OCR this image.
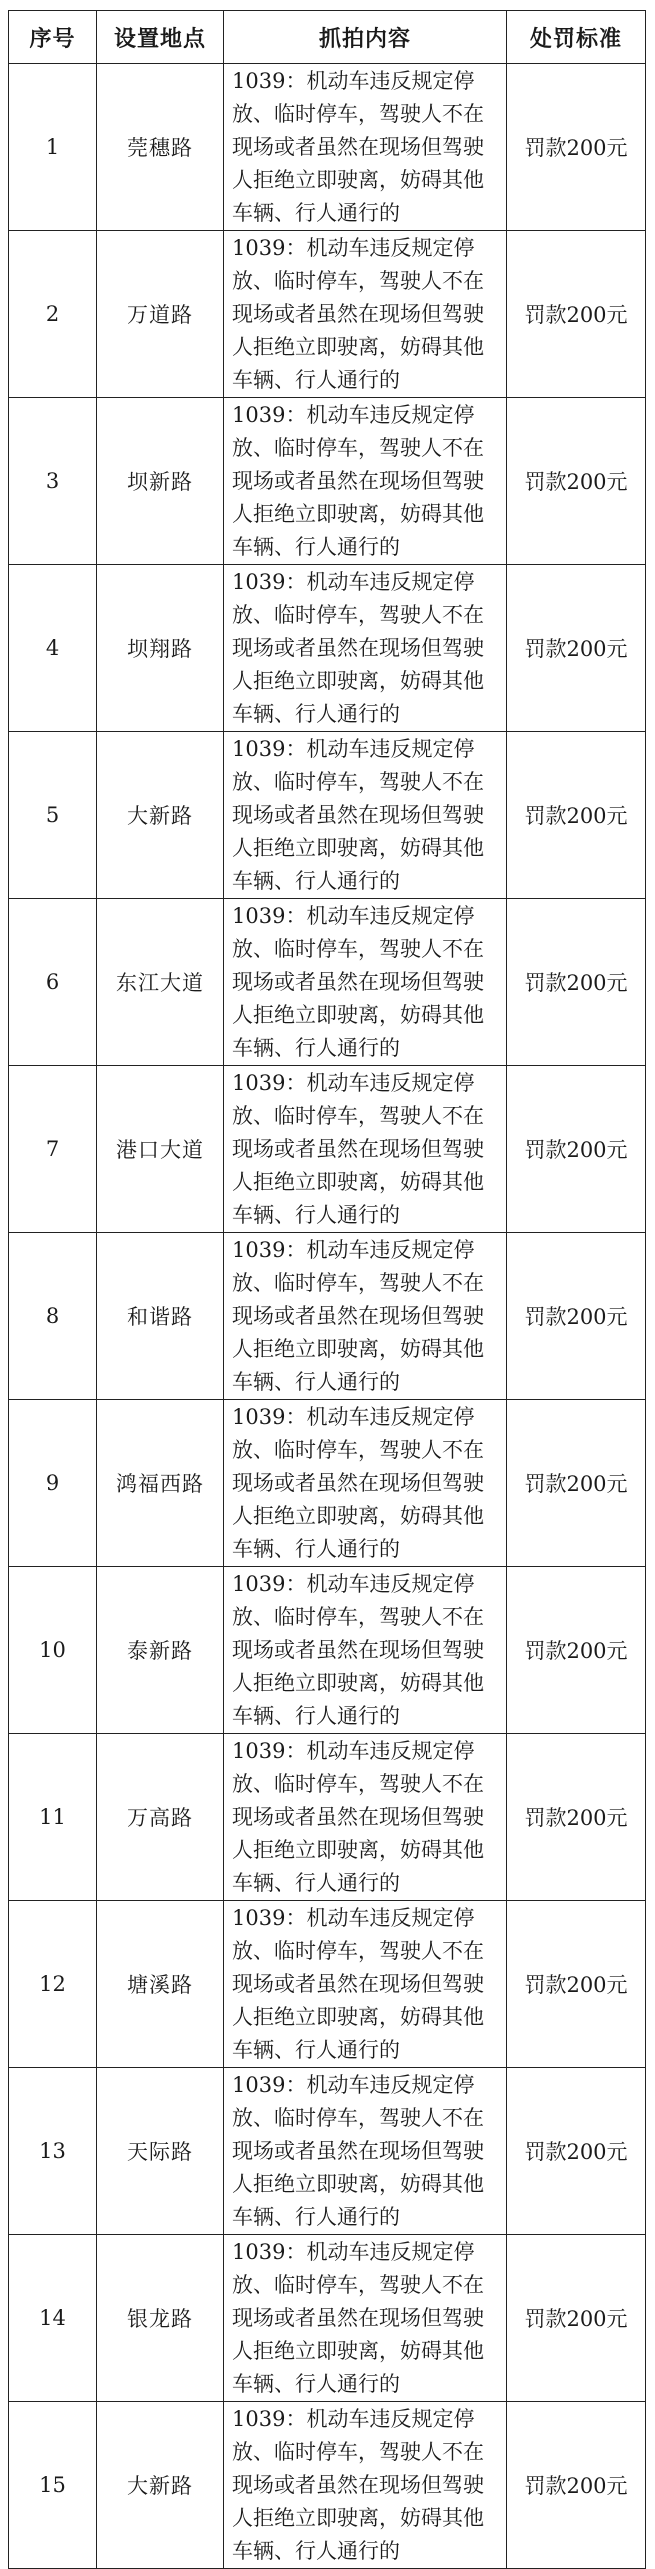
序号	设置地点	抓拍内容	处罚标准
1	莞穗路	1039：机动车违反规定停放、临时停车，驾驶人不在现场或者虽然在现场但驾驶人拒绝立即驶离，妨碍其他车辆、行人通行的	罚款200元
2	万道路	1039：机动车违反规定停放、临时停车，驾驶人不在现场或者虽然在现场但驾驶人拒绝立即驶离，妨碍其他车辆、行人通行的	罚款200元
3	坝新路	1039：机动车违反规定停放、临时停车，驾驶人不在现场或者虽然在现场但驾驶人拒绝立即驶离，妨碍其他车辆、行人通行的	罚款200元
4	坝翔路	1039：机动车违反规定停放、临时停车，驾驶人不在现场或者虽然在现场但驾驶人拒绝立即驶离，妨碍其他车辆、行人通行的	罚款200元
5	大新路	1039：机动车违反规定停放、临时停车，驾驶人不在现场或者虽然在现场但驾驶人拒绝立即驶离，妨碍其他车辆、行人通行的	罚款200元
6	东江大道	1039：机动车违反规定停放、临时停车，驾驶人不在现场或者虽然在现场但驾驶人拒绝立即驶离，妨碍其他车辆、行人通行的	罚款200元
7	港口大道	1039：机动车违反规定停放、临时停车，驾驶人不在现场或者虽然在现场但驾驶人拒绝立即驶离，妨碍其他车辆、行人通行的	罚款200元
8	和谐路	1039：机动车违反规定停放、临时停车，驾驶人不在现场或者虽然在现场但驾驶人拒绝立即驶离，妨碍其他车辆、行人通行的	罚款200元
9	鸿福西路	1039：机动车违反规定停放、临时停车，驾驶人不在现场或者虽然在现场但驾驶人拒绝立即驶离，妨碍其他车辆、行人通行的	罚款200元
10	泰新路	1039：机动车违反规定停放、临时停车，驾驶人不在现场或者虽然在现场但驾驶人拒绝立即驶离，妨碍其他车辆、行人通行的	罚款200元
11	万高路	1039：机动车违反规定停放、临时停车，驾驶人不在现场或者虽然在现场但驾驶人拒绝立即驶离，妨碍其他车辆、行人通行的	罚款200元
12	塘溪路	1039：机动车违反规定停放、临时停车，驾驶人不在现场或者虽然在现场但驾驶人拒绝立即驶离，妨碍其他车辆、行人通行的	罚款200元
13	天际路	1039：机动车违反规定停放、临时停车，驾驶人不在现场或者虽然在现场但驾驶人拒绝立即驶离，妨碍其他车辆、行人通行的	罚款200元
14	银龙路	1039：机动车违反规定停放、临时停车，驾驶人不在现场或者虽然在现场但驾驶人拒绝立即驶离，妨碍其他车辆、行人通行的	罚款200元
15	大新路	1039：机动车违反规定停放、临时停车，驾驶人不在现场或者虽然在现场但驾驶人拒绝立即驶离，妨碍其他车辆、行人通行的	罚款200元
